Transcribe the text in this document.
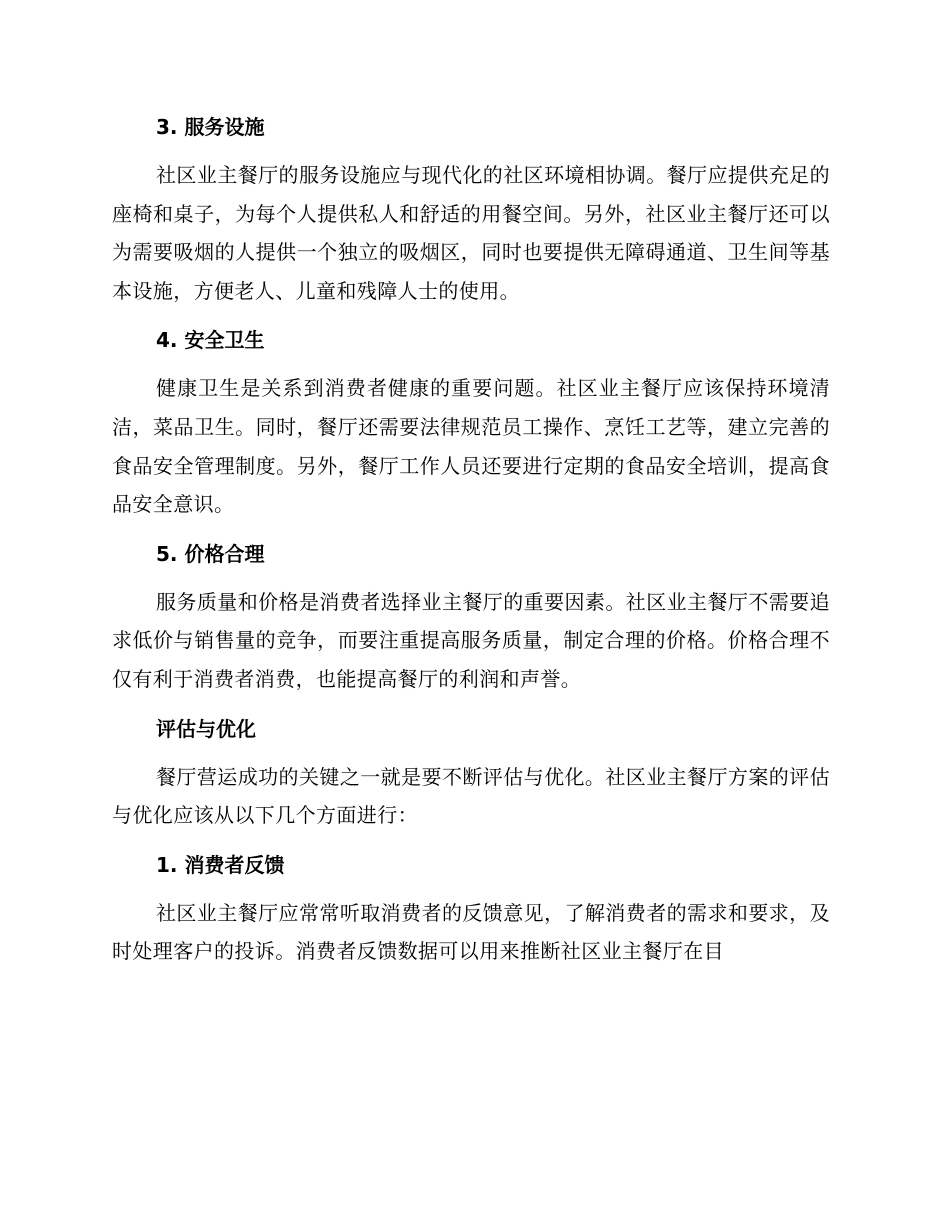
3. 服务设施

社区业主餐厅的服务设施应与现代化的社区环境相协调。餐厅应提供充足的座椅和桌子，为每个人提供私人和舒适的用餐空间。另外，社区业主餐厅还可以为需要吸烟的人提供一个独立的吸烟区，同时也要提供无障碍通道、卫生间等基本设施，方便老人、儿童和残障人士的使用。

4. 安全卫生

健康卫生是关系到消费者健康的重要问题。社区业主餐厅应该保持环境清洁，菜品卫生。同时，餐厅还需要法律规范员工操作、烹饪工艺等，建立完善的食品安全管理制度。另外，餐厅工作人员还要进行定期的食品安全培训，提高食品安全意识。

5. 价格合理

服务质量和价格是消费者选择业主餐厅的重要因素。社区业主餐厅不需要追求低价与销售量的竞争，而要注重提高服务质量，制定合理的价格。价格合理不仅有利于消费者消费，也能提高餐厅的利润和声誉。

评估与优化

餐厅营运成功的关键之一就是要不断评估与优化。社区业主餐厅方案的评估与优化应该从以下几个方面进行：

1. 消费者反馈

社区业主餐厅应常常听取消费者的反馈意见，了解消费者的需求和要求，及时处理客户的投诉。消费者反馈数据可以用来推断社区业主餐厅在目
